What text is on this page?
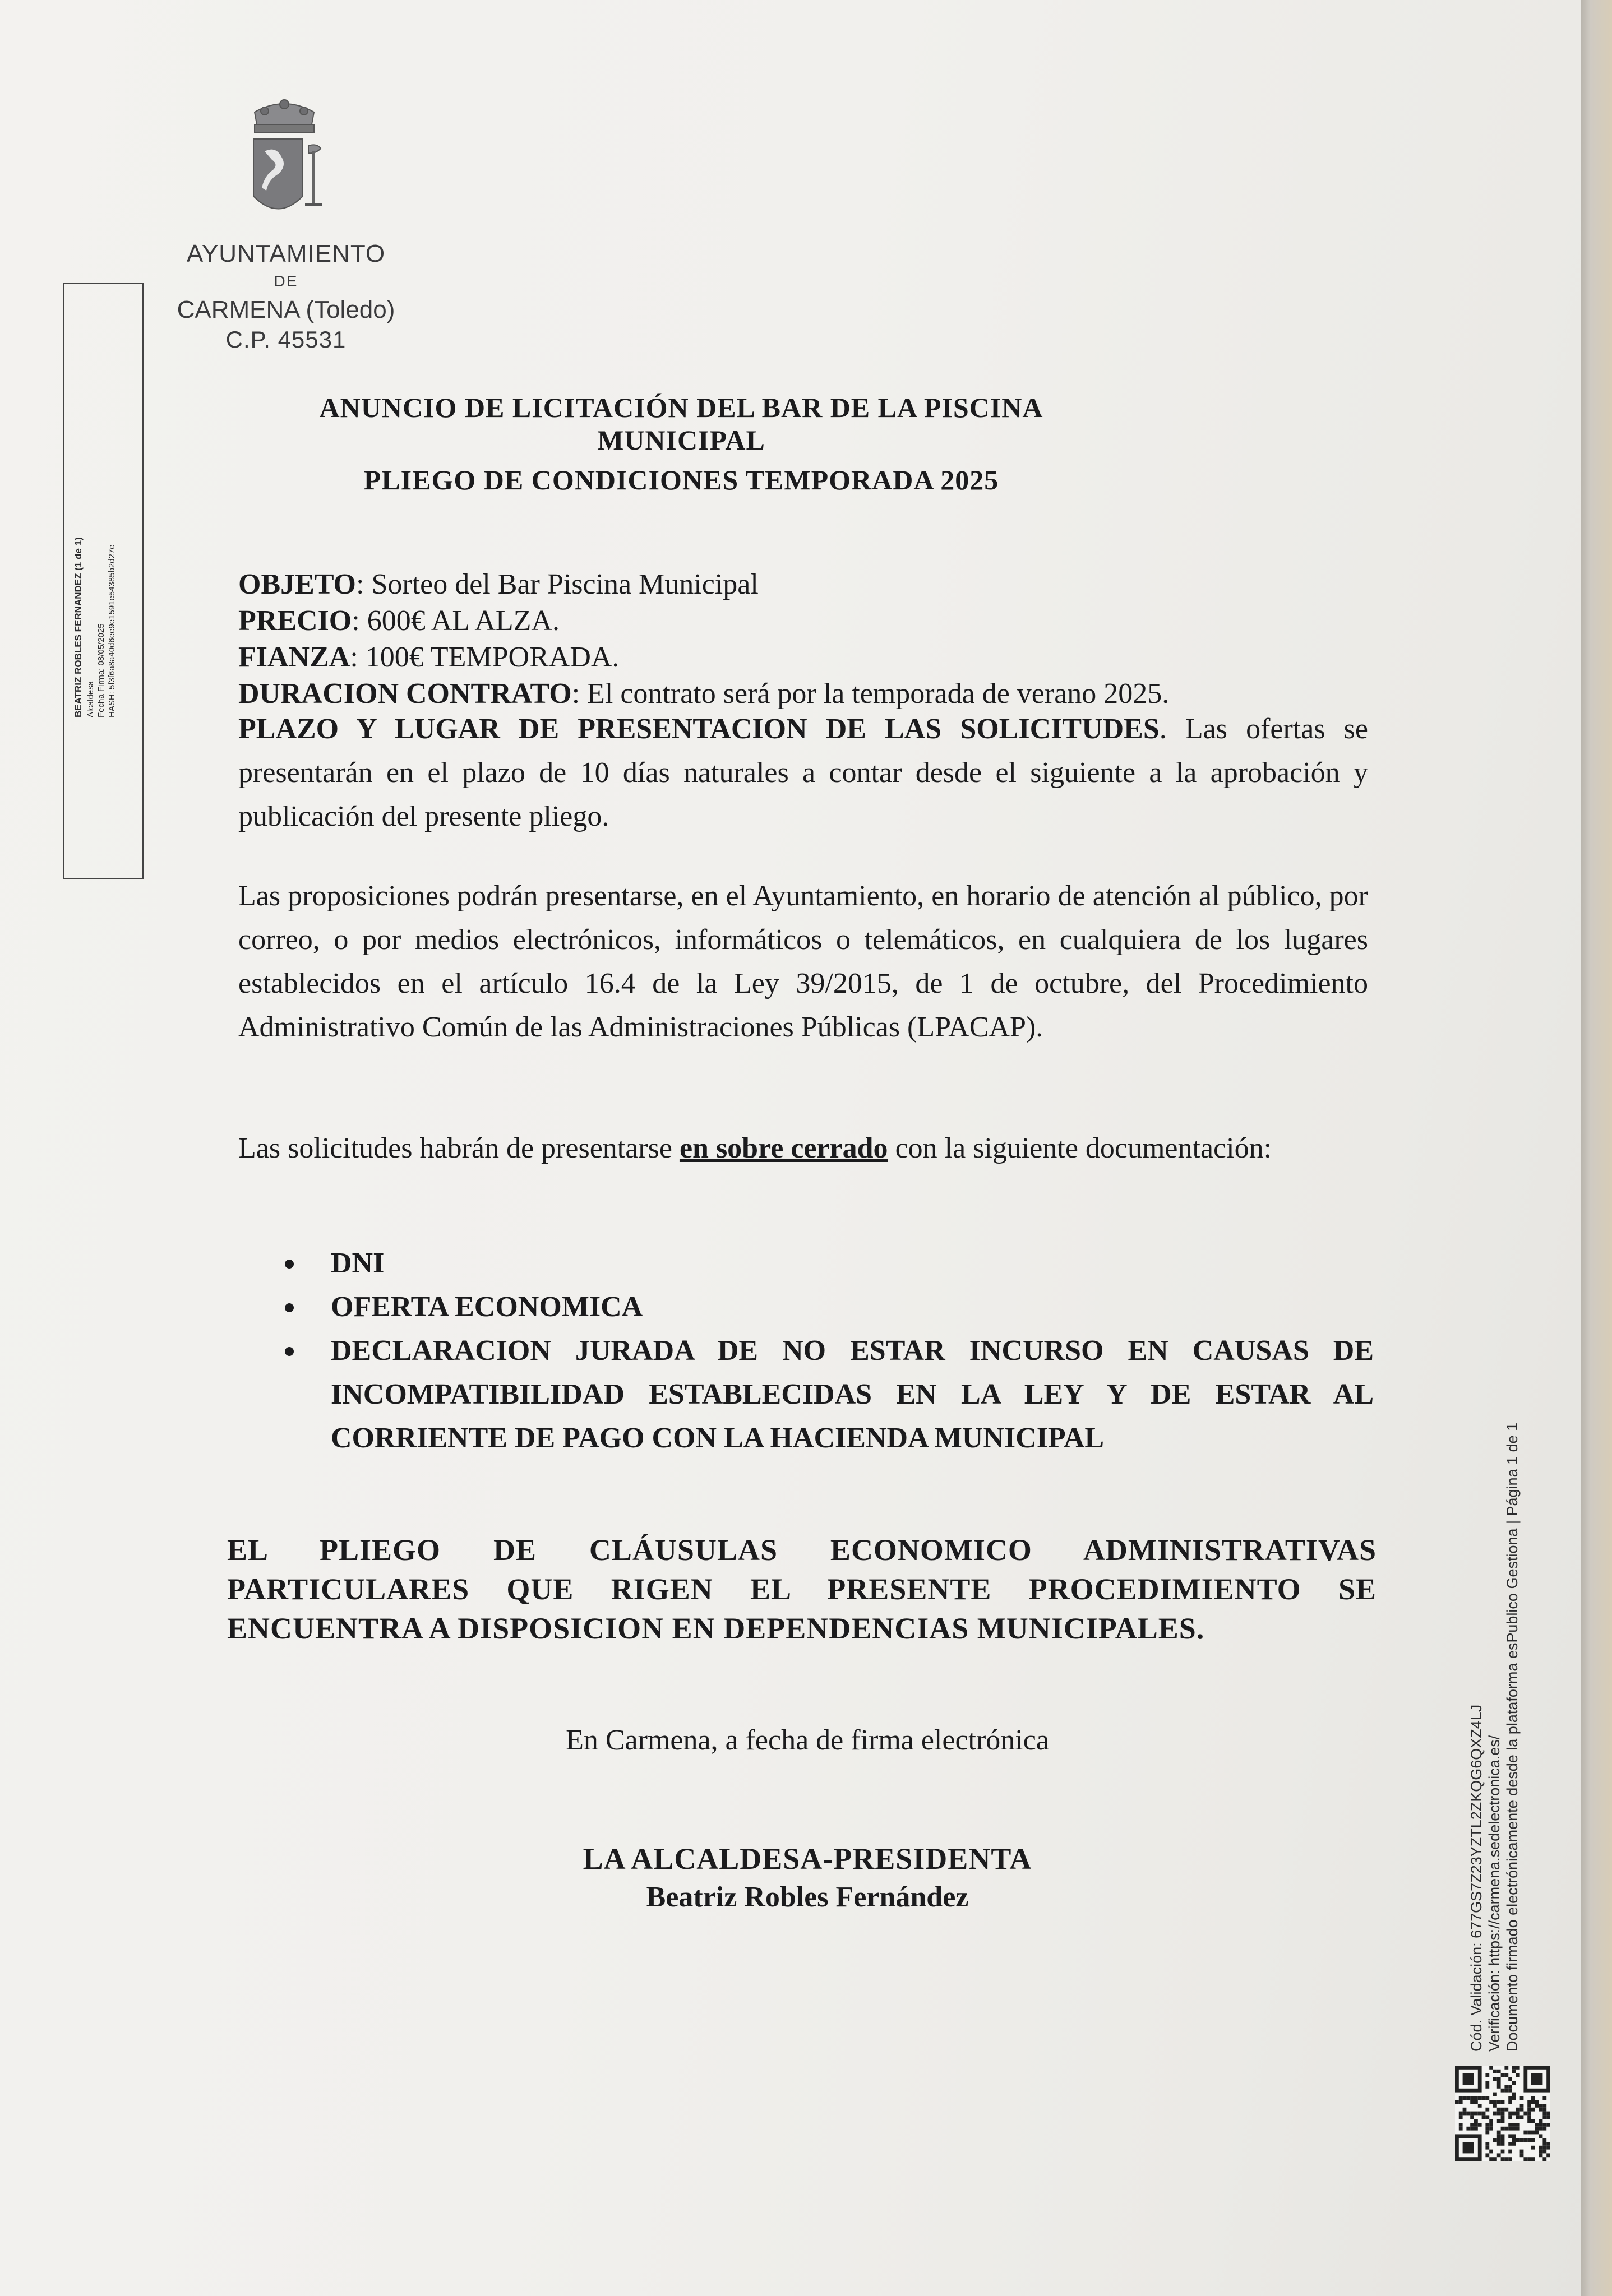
AYUNTAMIENTO
DE
CARMENA (Toledo)
C.P. 45531
BEATRIZ ROBLES FERNANDEZ (1 de 1) Alcaldesa Fecha Firma: 08/05/2025 HASH: 5f3f6a8a40d6ee9e1591e54385b2d27e
ANUNCIO DE LICITACIÓN DEL BAR DE LA PISCINA MUNICIPAL
PLIEGO DE CONDICIONES TEMPORADA 2025

OBJETO: Sorteo del Bar Piscina Municipal

PRECIO: 600€ AL ALZA.

FIANZA: 100€ TEMPORADA.

DURACION CONTRATO: El contrato será por la temporada de verano 2025.

PLAZO Y LUGAR DE PRESENTACION DE LAS SOLICITUDES. Las ofertas se presentarán en el plazo de 10 días naturales a contar desde el siguiente a la aprobación y publicación del presente pliego.

Las proposiciones podrán presentarse, en el Ayuntamiento, en horario de atención al público, por correo, o por medios electrónicos, informáticos o telemáticos, en cualquiera de los lugares establecidos en el artículo 16.4 de la Ley 39/2015, de 1 de octubre, del Procedimiento Administrativo Común de las Administraciones Públicas (LPACAP).
Las solicitudes habrán de presentarse en sobre cerrado con la siguiente documentación:
DNI
OFERTA ECONOMICA
DECLARACION JURADA DE NO ESTAR INCURSO EN CAUSAS DE INCOMPATIBILIDAD ESTABLECIDAS EN LA LEY Y DE ESTAR AL CORRIENTE DE PAGO CON LA HACIENDA MUNICIPAL
EL PLIEGO DE CLÁUSULAS ECONOMICO ADMINISTRATIVAS PARTICULARES QUE RIGEN EL PRESENTE PROCEDIMIENTO SE ENCUENTRA A DISPOSICION EN DEPENDENCIAS MUNICIPALES.
En Carmena, a fecha de firma electrónica
LA ALCALDESA-PRESIDENTA
Beatriz Robles Fernández	Cód. Validación: 677GS7Z23YZTL2ZKQG6QXZ4LJ Verificación: https://carmena.sedelectronica.es/ Documento firmado electrónicamente desde la plataforma esPublico Gestiona | Página 1 de 1
